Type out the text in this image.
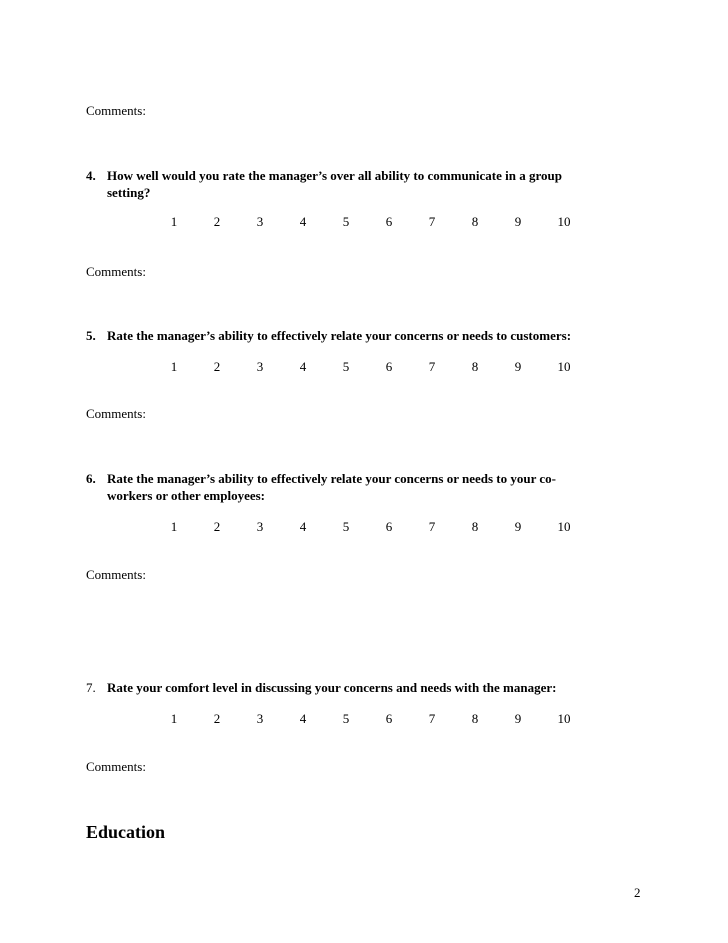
Comments:
4. How well would you rate the manager’s over all ability to communicate in a group
setting?
1	2	3	4	5	6	7	8	9	10
Comments:
5. Rate the manager’s ability to effectively relate your concerns or needs to customers:
1	2	3	4	5	6	7	8	9	10
Comments:
6. Rate the manager’s ability to effectively relate your concerns or needs to your co-
workers or other employees:
1	2	3	4	5	6	7	8	9	10
Comments:
7. Rate your comfort level in discussing your concerns and needs with the manager:
1	2	3	4	5	6	7	8	9	10
Comments:
Education
2
